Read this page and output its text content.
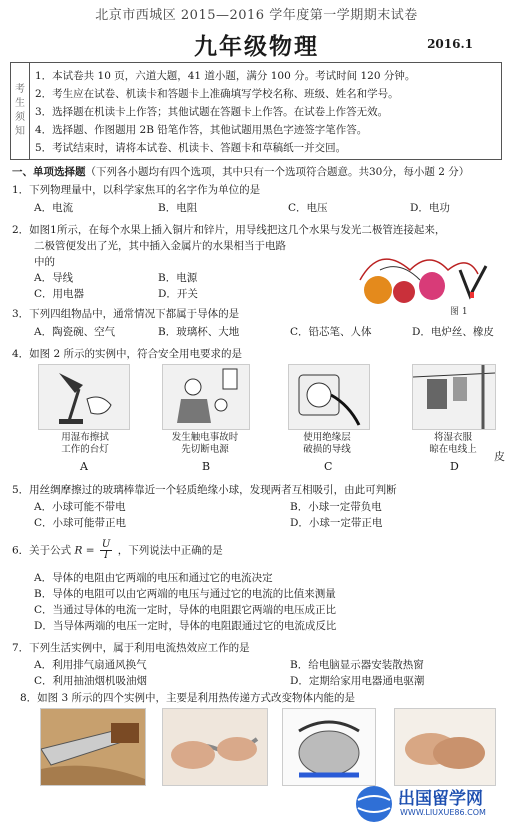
北京市西城区 2015—2016 学年度第一学期期末试卷
九年级物理	2016.1
考
生
须
知
1．本试卷共 10 页，六道大题，41 道小题，满分 100 分。考试时间 120 分钟。
2．考生应在试卷、机读卡和答题卡上准确填写学校名称、班级、姓名和学号。
3．选择题在机读卡上作答；其他试题在答题卡上作答。在试卷上作答无效。
4．选择题、作图题用 2B 铅笔作答，其他试题用黑色字迹签字笔作答。
5．考试结束时，请将本试卷、机读卡、答题卡和草稿纸一并交回。
一、单项选择题（下列各小题均有四个选项，其中只有一个选项符合题意。共30分，每小题 2 分）
1．下列物理量中，以科学家焦耳的名字作为单位的是
A．电流	B．电阻	C．电压	D．电功
2．如图1所示，在每个水果上插入铜片和锌片，用导线把这几个水果与发光二极管连接起来，
二极管便发出了光，其中插入金属片的水果相当于电路
中的
A．导线	B．电源
C．用电器	D．开关
图 1
3．下列四组物品中，通常情况下都属于导体的是
A．陶瓷碗、空气	B．玻璃杯、大地	C．铅芯笔、人体	D．电炉丝、橡皮
4．如图 2 所示的实例中，符合安全用电要求的是
用湿布擦拭
工作的台灯
发生触电事故时
先切断电源
使用绝缘层
破损的导线
将湿衣服
晾在电线上
A	B	C	D
皮
5．用丝绸摩擦过的玻璃棒靠近一个轻质绝缘小球，发现两者互相吸引，由此可判断
A．小球可能不带电	B．小球一定带负电
C．小球可能带正电	D．小球一定带正电
6．关于公式 $R = \frac{U}{I}$ ，下列说法中正确的是
A．导体的电阻由它两端的电压和通过它的电流决定
B．导体的电阻可以由它两端的电压与通过它的电流的比值来测量
C．当通过导体的电流一定时，导体的电阻跟它两端的电压成正比
D．当导体两端的电压一定时，导体的电阻跟通过它的电流成反比
7．下列生活实例中，属于利用电流热效应工作的是
A．利用排气扇通风换气	B．给电脑显示器安装散热窗
C．利用抽油烟机吸油烟	D．定期给家用电器通电驱潮
8．如图 3 所示的四个实例中，主要是利用热传递方式改变物体内能的是
出国留学网
WWW.LIUXUE86.COM
